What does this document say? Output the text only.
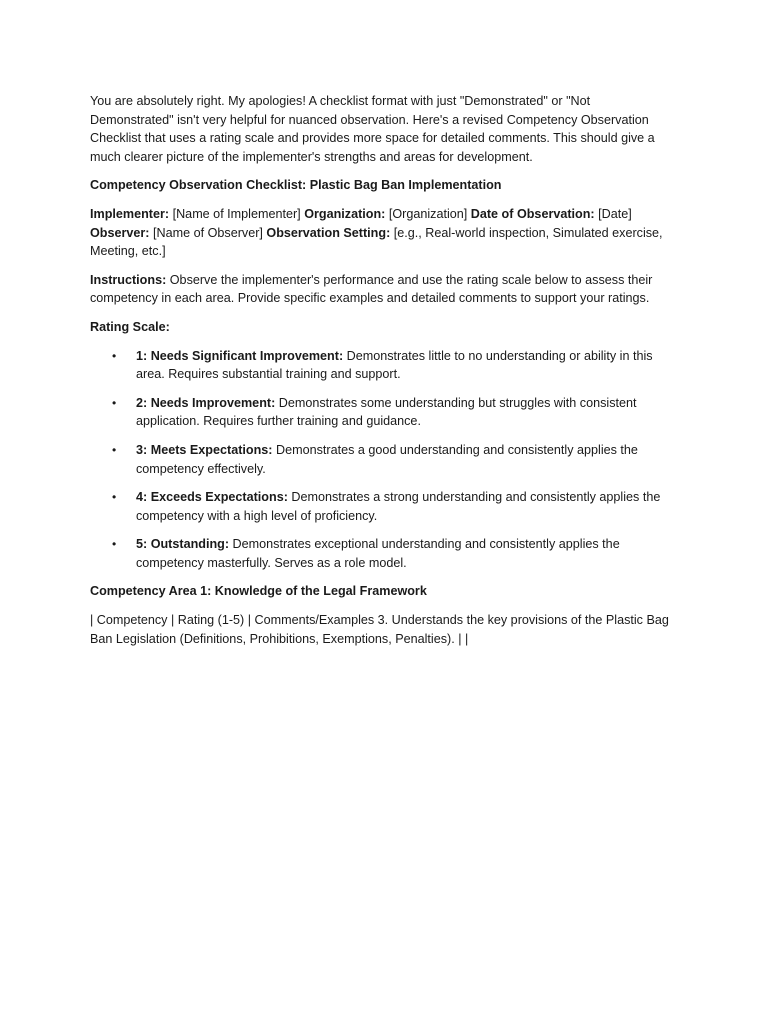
You are absolutely right. My apologies! A checklist format with just "Demonstrated" or "Not Demonstrated" isn't very helpful for nuanced observation. Here's a revised Competency Observation Checklist that uses a rating scale and provides more space for detailed comments. This should give a much clearer picture of the implementer's strengths and areas for development.

Competency Observation Checklist: Plastic Bag Ban Implementation

Implementer: [Name of Implementer] Organization: [Organization] Date of Observation: [Date]
Observer: [Name of Observer] Observation Setting: [e.g., Real-world inspection, Simulated exercise, Meeting, etc.]

Instructions: Observe the implementer's performance and use the rating scale below to assess their competency in each area. Provide specific examples and detailed comments to support your ratings.

Rating Scale:

• 1: Needs Significant Improvement: Demonstrates little to no understanding or ability in this area. Requires substantial training and support.
• 2: Needs Improvement: Demonstrates some understanding but struggles with consistent application. Requires further training and guidance.
• 3: Meets Expectations: Demonstrates a good understanding and consistently applies the competency effectively.
• 4: Exceeds Expectations: Demonstrates a strong understanding and consistently applies the competency with a high level of proficiency.
• 5: Outstanding: Demonstrates exceptional understanding and consistently applies the competency masterfully. Serves as a role model.

Competency Area 1: Knowledge of the Legal Framework

| Competency | Rating (1-5) | Comments/Examples 3. Understands the key provisions of the Plastic Bag Ban Legislation (Definitions, Prohibitions, Exemptions, Penalties). | |
